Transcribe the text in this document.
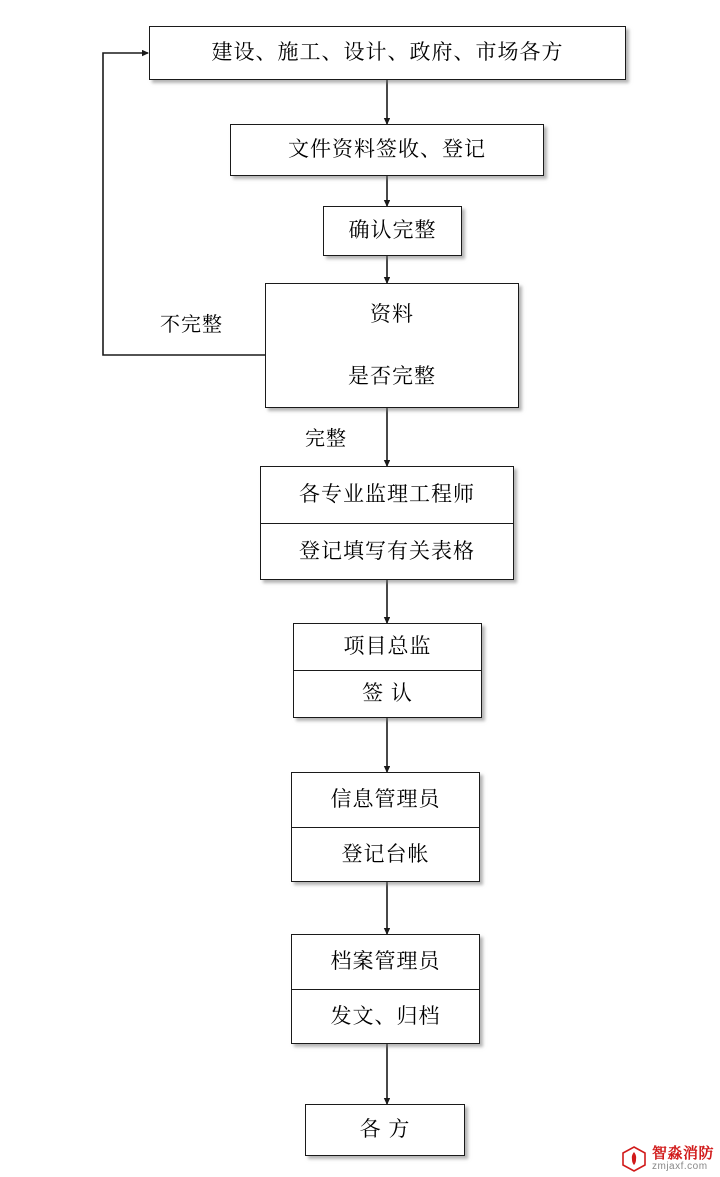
建设、施工、设计、政府、市场各方
文件资料签收、登记
确认完整
资料
是否完整
不完整
完整
各专业监理工程师
登记填写有关表格
项目总监
签 认
信息管理员
登记台帐
档案管理员
发文、归档
各 方
智淼消防
zmjaxf.com
